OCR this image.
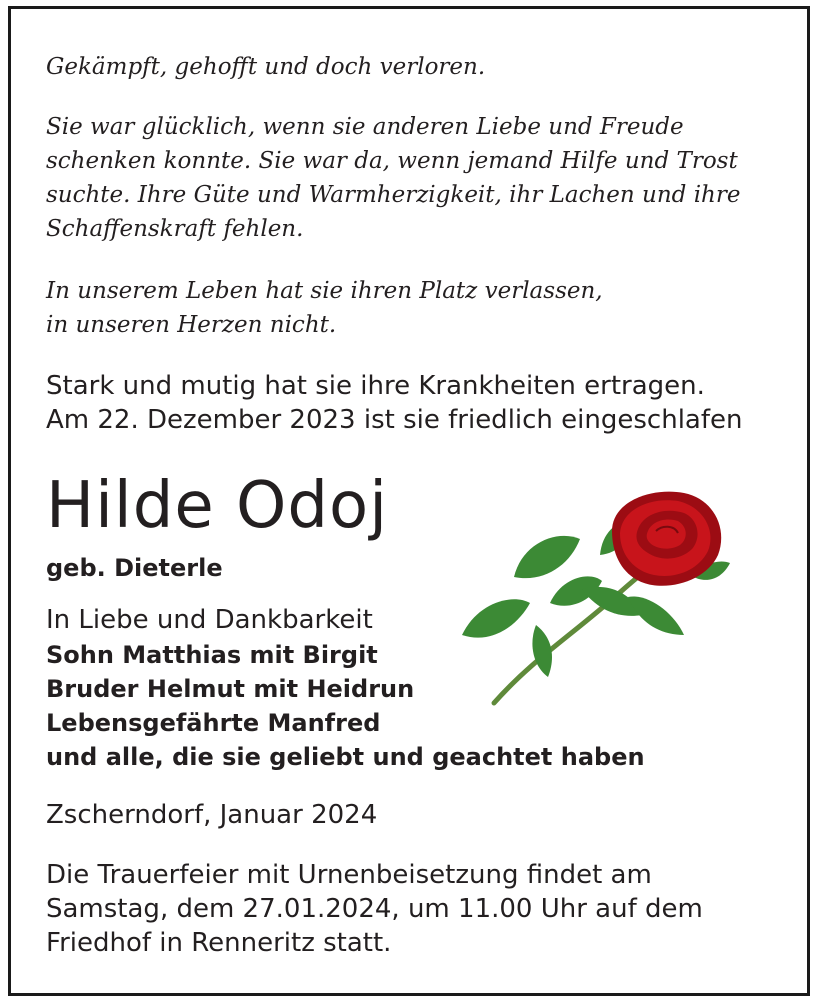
Gekämpft, gehofft und doch verloren.

Sie war glücklich, wenn sie anderen Liebe und Freude

schenken konnte. Sie war da, wenn jemand Hilfe und Trost

suchte. Ihre Güte und Warmherzigkeit, ihr Lachen und ihre

Schaffenskraft fehlen.

In unserem Leben hat sie ihren Platz verlassen,

in unseren Herzen nicht.

Stark und mutig hat sie ihre Krankheiten ertragen.

Am 22. Dezember 2023 ist sie friedlich eingeschlafen

Hilde Odoj

geb. Dieterle

In Liebe und Dankbarkeit

Sohn Matthias mit Birgit

Bruder Helmut mit Heidrun

Lebensgefährte Manfred

und alle, die sie geliebt und geachtet haben

Zscherndorf, Januar 2024

Die Trauerfeier mit Urnenbeisetzung findet am

Samstag, dem 27.01.2024, um 11.00 Uhr auf dem

Friedhof in Renneritz statt.
